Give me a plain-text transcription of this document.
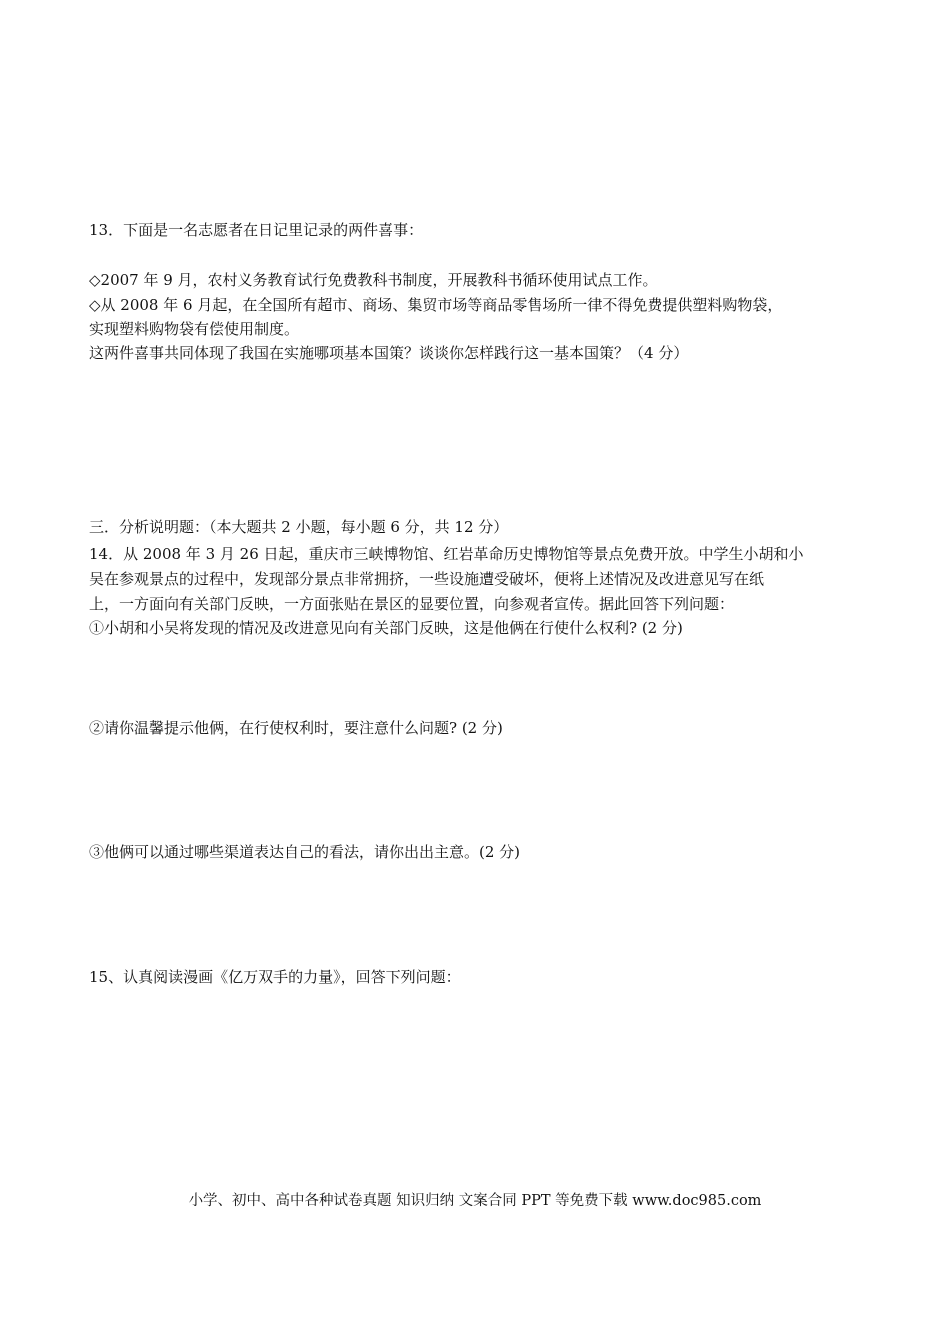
13．下面是一名志愿者在日记里记录的两件喜事：
◇2007 年 9 月，农村义务教育试行免费教科书制度，开展教科书循环使用试点工作。
◇从 2008 年 6 月起，在全国所有超市、商场、集贸市场等商品零售场所一律不得免费提供塑料购物袋，
实现塑料购物袋有偿使用制度。
这两件喜事共同体现了我国在实施哪项基本国策？谈谈你怎样践行这一基本国策？（4 分）
三．分析说明题：（本大题共 2 小题，每小题 6 分，共 12 分）
14．从 2008 年 3 月 26 日起，重庆市三峡博物馆、红岩革命历史博物馆等景点免费开放。中学生小胡和小
吴在参观景点的过程中，发现部分景点非常拥挤，一些设施遭受破坏，便将上述情况及改进意见写在纸
上，一方面向有关部门反映，一方面张贴在景区的显要位置，向参观者宣传。据此回答下列问题：
①小胡和小吴将发现的情况及改进意见向有关部门反映，这是他俩在行使什么权利? (2 分)
②请你温馨提示他俩，在行使权利时，要注意什么问题? (2 分)
③他俩可以通过哪些渠道表达自己的看法，请你出出主意。(2 分)
15、认真阅读漫画《亿万双手的力量》，回答下列问题：
小学、初中、高中各种试卷真题 知识归纳 文案合同 PPT 等免费下载 www.doc985.com
